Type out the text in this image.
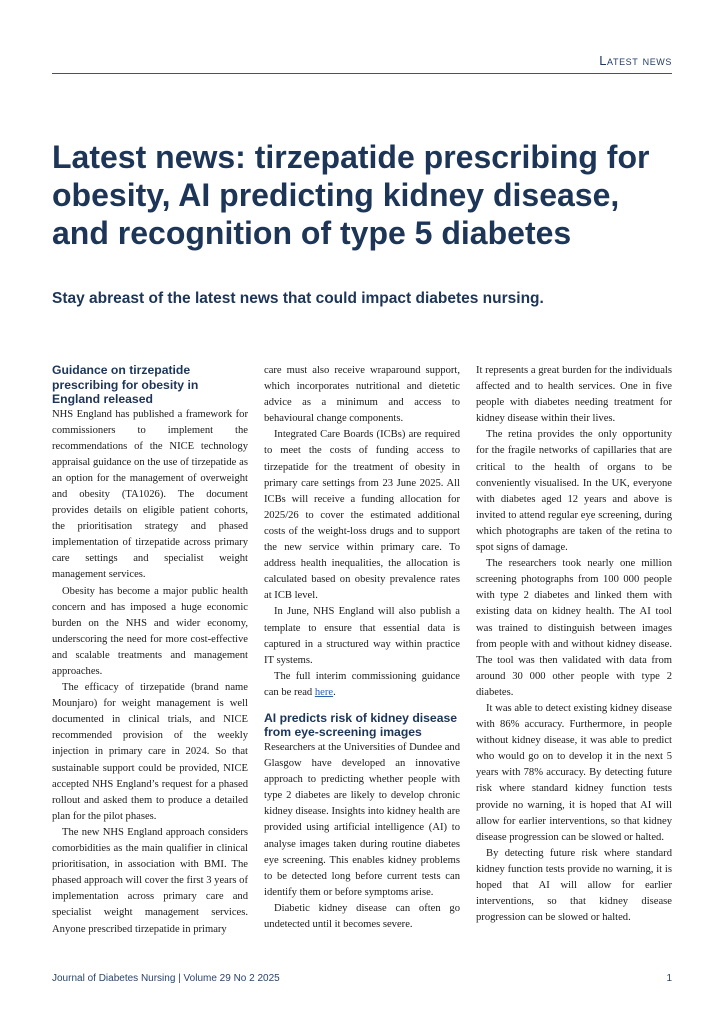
Latest news
Latest news: tirzepatide prescribing for obesity, AI predicting kidney disease, and recognition of type 5 diabetes

Stay abreast of the latest news that could impact diabetes nursing.

Guidance on tirzepatide prescribing for obesity in England released

NHS England has published a framework for commissioners to implement the recommendations of the NICE technology appraisal guidance on the use of tirzepatide as an option for the management of overweight and obesity (TA1026). The document provides details on eligible patient cohorts, the prioritisation strategy and phased implementation of tirzepatide across primary care settings and specialist weight management services.

Obesity has become a major public health concern and has imposed a huge economic burden on the NHS and wider economy, underscoring the need for more cost-effective and scalable treatments and management approaches.

The efficacy of tirzepatide (brand name Mounjaro) for weight management is well documented in clinical trials, and NICE recommended provision of the weekly injection in primary care in 2024. So that sustainable support could be provided, NICE accepted NHS England’s request for a phased rollout and asked them to produce a detailed plan for the pilot phases.

The new NHS England approach considers comorbidities as the main qualifier in clinical prioritisation, in association with BMI. The phased approach will cover the first 3 years of implementation across primary care and specialist weight management services. Anyone prescribed tirzepatide in primary

care must also receive wraparound support, which incorporates nutritional and dietetic advice as a minimum and access to behavioural change components.

Integrated Care Boards (ICBs) are required to meet the costs of funding access to tirzepatide for the treatment of obesity in primary care settings from 23 June 2025. All ICBs will receive a funding allocation for 2025/26 to cover the estimated additional costs of the weight-loss drugs and to support the new service within primary care. To address health inequalities, the allocation is calculated based on obesity prevalence rates at ICB level.

In June, NHS England will also publish a template to ensure that essential data is captured in a structured way within practice IT systems.

The full interim commissioning guidance can be read here.

AI predicts risk of kidney disease from eye-screening images

Researchers at the Universities of Dundee and Glasgow have developed an innovative approach to predicting whether people with type 2 diabetes are likely to develop chronic kidney disease. Insights into kidney health are provided using artificial intelligence (AI) to analyse images taken during routine diabetes eye screening. This enables kidney problems to be detected long before current tests can identify them or before symptoms arise.

Diabetic kidney disease can often go undetected until it becomes severe.

It represents a great burden for the individuals affected and to health services. One in five people with diabetes needing treatment for kidney disease within their lives.

The retina provides the only opportunity for the fragile networks of capillaries that are critical to the health of organs to be conveniently visualised. In the UK, everyone with diabetes aged 12 years and above is invited to attend regular eye screening, during which photographs are taken of the retina to spot signs of damage.

The researchers took nearly one million screening photographs from 100 000 people with type 2 diabetes and linked them with existing data on kidney health. The AI tool was trained to distinguish between images from people with and without kidney disease. The tool was then validated with data from around 30 000 other people with type 2 diabetes.

It was able to detect existing kidney disease with 86% accuracy. Furthermore, in people without kidney disease, it was able to predict who would go on to develop it in the next 5 years with 78% accuracy. By detecting future risk where standard kidney function tests provide no warning, it is hoped that AI will allow for earlier interventions, so that kidney disease progression can be slowed or halted.

By detecting future risk where standard kidney function tests provide no warning, it is hoped that AI will allow for earlier interventions, so that kidney disease progression can be slowed or halted.

Journal of Diabetes Nursing | Volume 29 No 2 2025	1
